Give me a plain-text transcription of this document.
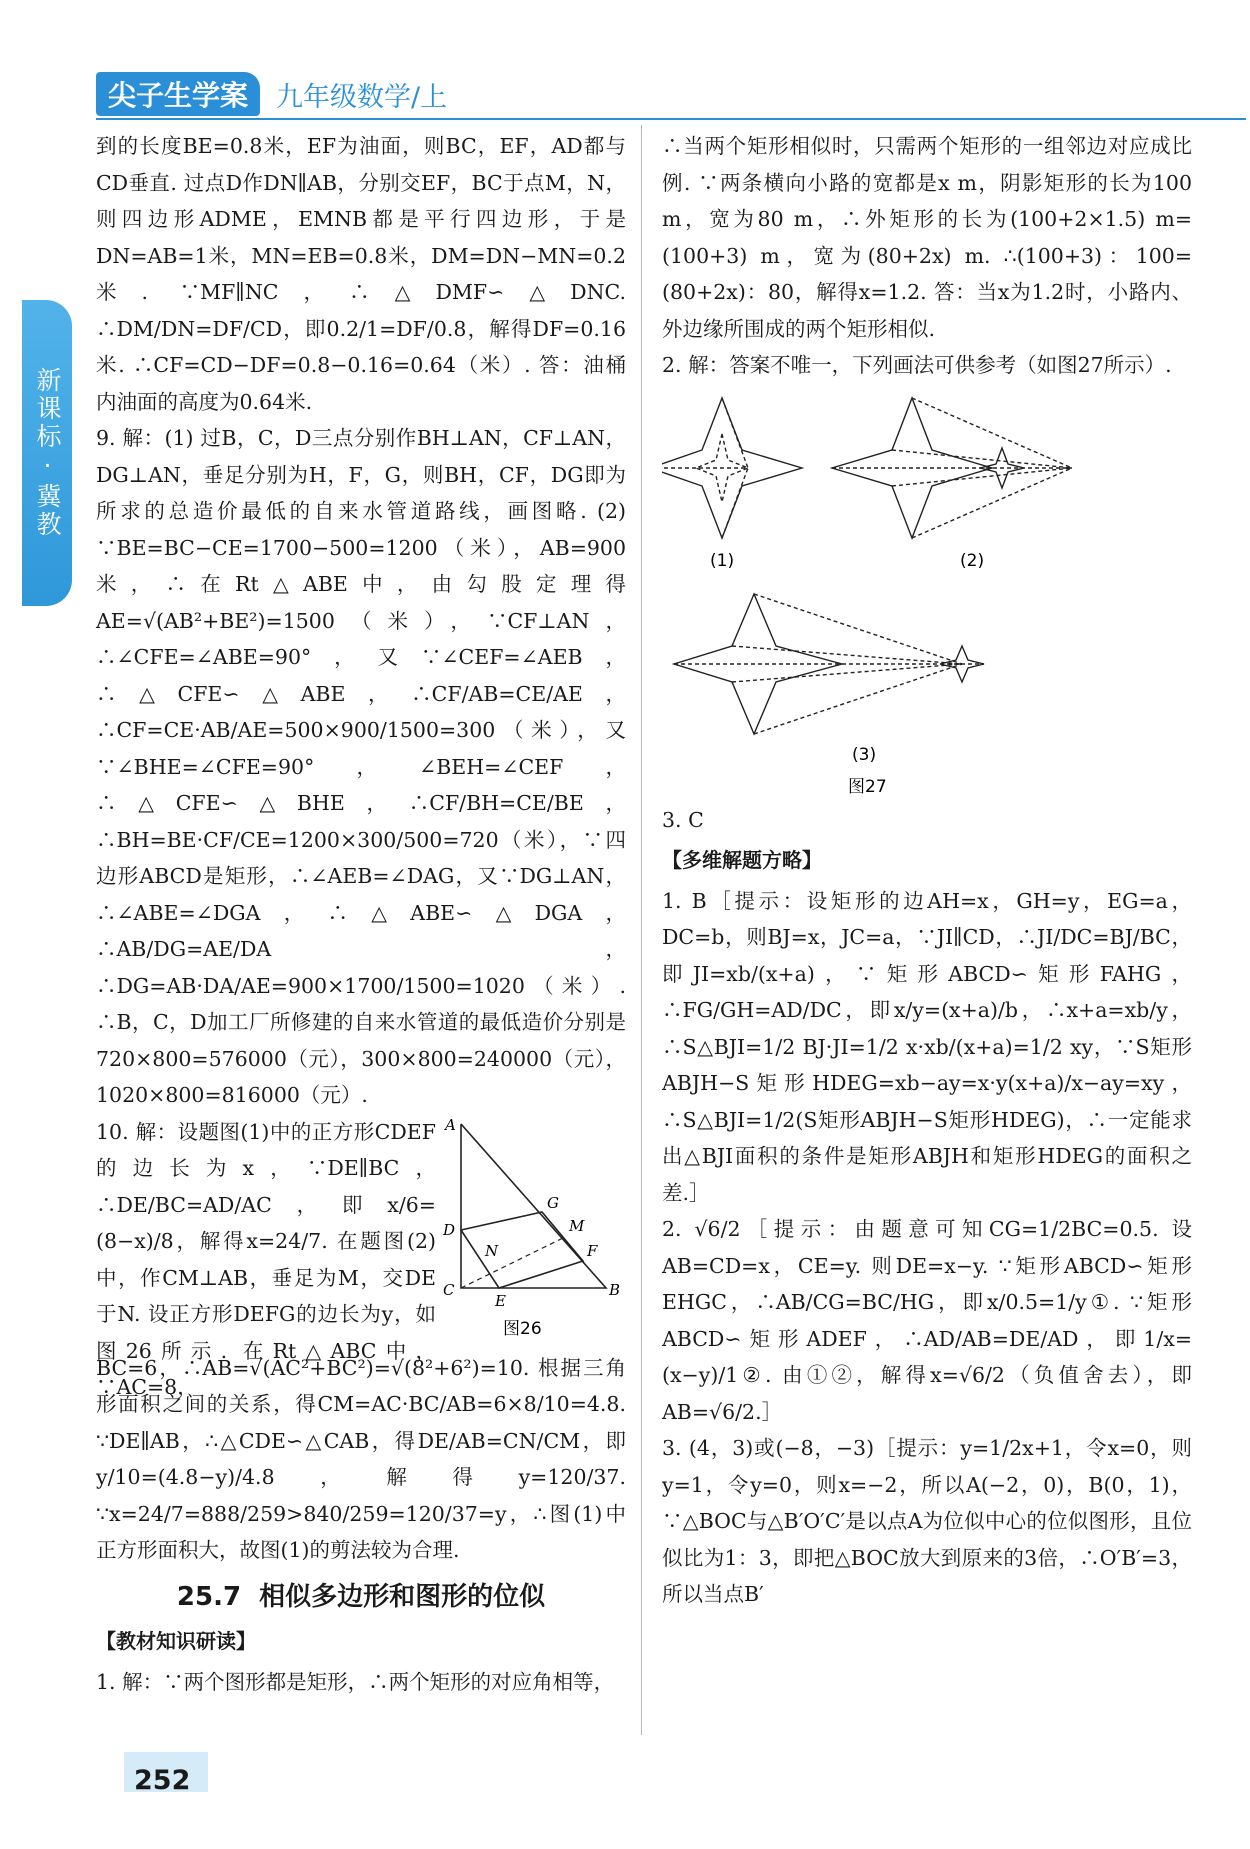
尖子生学案	九年级数学/上
新课标·冀教

到的长度BE=0.8米，EF为油面，则BC，EF，AD都与CD垂直. 过点D作DN∥AB，分别交EF，BC于点M，N，则四边形ADME，EMNB都是平行四边形，于是DN=AB=1米，MN=EB=0.8米，DM=DN−MN=0.2米. ∵MF∥NC，∴△DMF∽△DNC. ∴DM/DN=DF/CD，即0.2/1=DF/0.8，解得DF=0.16米. ∴CF=CD−DF=0.8−0.16=0.64（米）. 答：油桶内油面的高度为0.64米.

9. 解：(1) 过B，C，D三点分别作BH⊥AN，CF⊥AN，DG⊥AN，垂足分别为H，F，G，则BH，CF，DG即为所求的总造价最低的自来水管道路线，画图略. (2) ∵BE=BC−CE=1700−500=1200（米），AB=900米，∴在Rt△ABE中，由勾股定理得AE=√(AB²+BE²)=1500（米），∵CF⊥AN，∴∠CFE=∠ABE=90°，又∵∠CEF=∠AEB，∴△CFE∽△ABE，∴CF/AB=CE/AE，∴CF=CE·AB/AE=500×900/1500=300（米），又∵∠BHE=∠CFE=90°，∠BEH=∠CEF，∴△CFE∽△BHE，∴CF/BH=CE/BE，∴BH=BE·CF/CE=1200×300/500=720（米），∵四边形ABCD是矩形，∴∠AEB=∠DAG，又∵DG⊥AN，∴∠ABE=∠DGA，∴△ABE∽△DGA，∴AB/DG=AE/DA，∴DG=AB·DA/AE=900×1700/1500=1020（米）. ∴B，C，D加工厂所修建的自来水管道的最低造价分别是720×800=576000（元），300×800=240000（元），1020×800=816000（元）.

10. 解：设题图(1)中的正方形CDEF的边长为x，∵DE∥BC，∴DE/BC=AD/AC，即x/6=(8−x)/8，解得x=24/7. 在题图(2)中，作CM⊥AB，垂足为M，交DE于N. 设正方形DEFG的边长为y，如图26所示. 在Rt△ABC中，∵AC=8，

A
G
M
F
D
N
C
E
B
图26

BC=6，∴AB=√(AC²+BC²)=√(8²+6²)=10. 根据三角形面积之间的关系，得CM=AC·BC/AB=6×8/10=4.8. ∵DE∥AB，∴△CDE∽△CAB，得DE/AB=CN/CM，即y/10=(4.8−y)/4.8，解得y=120/37. ∵x=24/7=888/259>840/259=120/37=y，∴图(1)中正方形面积大，故图(1)的剪法较为合理.

25.7 相似多边形和图形的位似
【教材知识研读】

1. 解：∵两个图形都是矩形，∴两个矩形的对应角相等，

∴当两个矩形相似时，只需两个矩形的一组邻边对应成比例. ∵两条横向小路的宽都是x m，阴影矩形的长为100 m，宽为80 m，∴外矩形的长为(100+2×1.5) m=(100+3) m，宽为(80+2x) m. ∴(100+3)：100=(80+2x)：80，解得x=1.2. 答：当x为1.2时，小路内、外边缘所围成的两个矩形相似.

2. 解：答案不唯一，下列画法可供参考（如图27所示）.

(1)	(2)
(3)
图27

3. C

【多维解题方略】

1. B［提示：设矩形的边AH=x，GH=y，EG=a，DC=b，则BJ=x，JC=a，∵JI∥CD，∴JI/DC=BJ/BC，即JI=xb/(x+a)，∵矩形ABCD∽矩形FAHG，∴FG/GH=AD/DC，即x/y=(x+a)/b，∴x+a=xb/y，∴S△BJI=1/2 BJ·JI=1/2 x·xb/(x+a)=1/2 xy，∵S矩形ABJH−S矩形HDEG=xb−ay=x·y(x+a)/x−ay=xy，∴S△BJI=1/2(S矩形ABJH−S矩形HDEG)，∴一定能求出△BJI面积的条件是矩形ABJH和矩形HDEG的面积之差.］

2. √6/2［提示：由题意可知CG=1/2BC=0.5. 设AB=CD=x，CE=y. 则DE=x−y. ∵矩形ABCD∽矩形EHGC，∴AB/CG=BC/HG，即x/0.5=1/y①. ∵矩形ABCD∽矩形ADEF，∴AD/AB=DE/AD，即1/x=(x−y)/1②. 由①②，解得x=√6/2（负值舍去），即AB=√6/2.］

3. (4，3)或(−8，−3)［提示：y=1/2x+1，令x=0，则y=1，令y=0，则x=−2，所以A(−2，0)，B(0，1)，∵△BOC与△B′O′C′是以点A为位似中心的位似图形，且位似比为1：3，即把△BOC放大到原来的3倍，∴O′B′=3，所以当点B′

252
